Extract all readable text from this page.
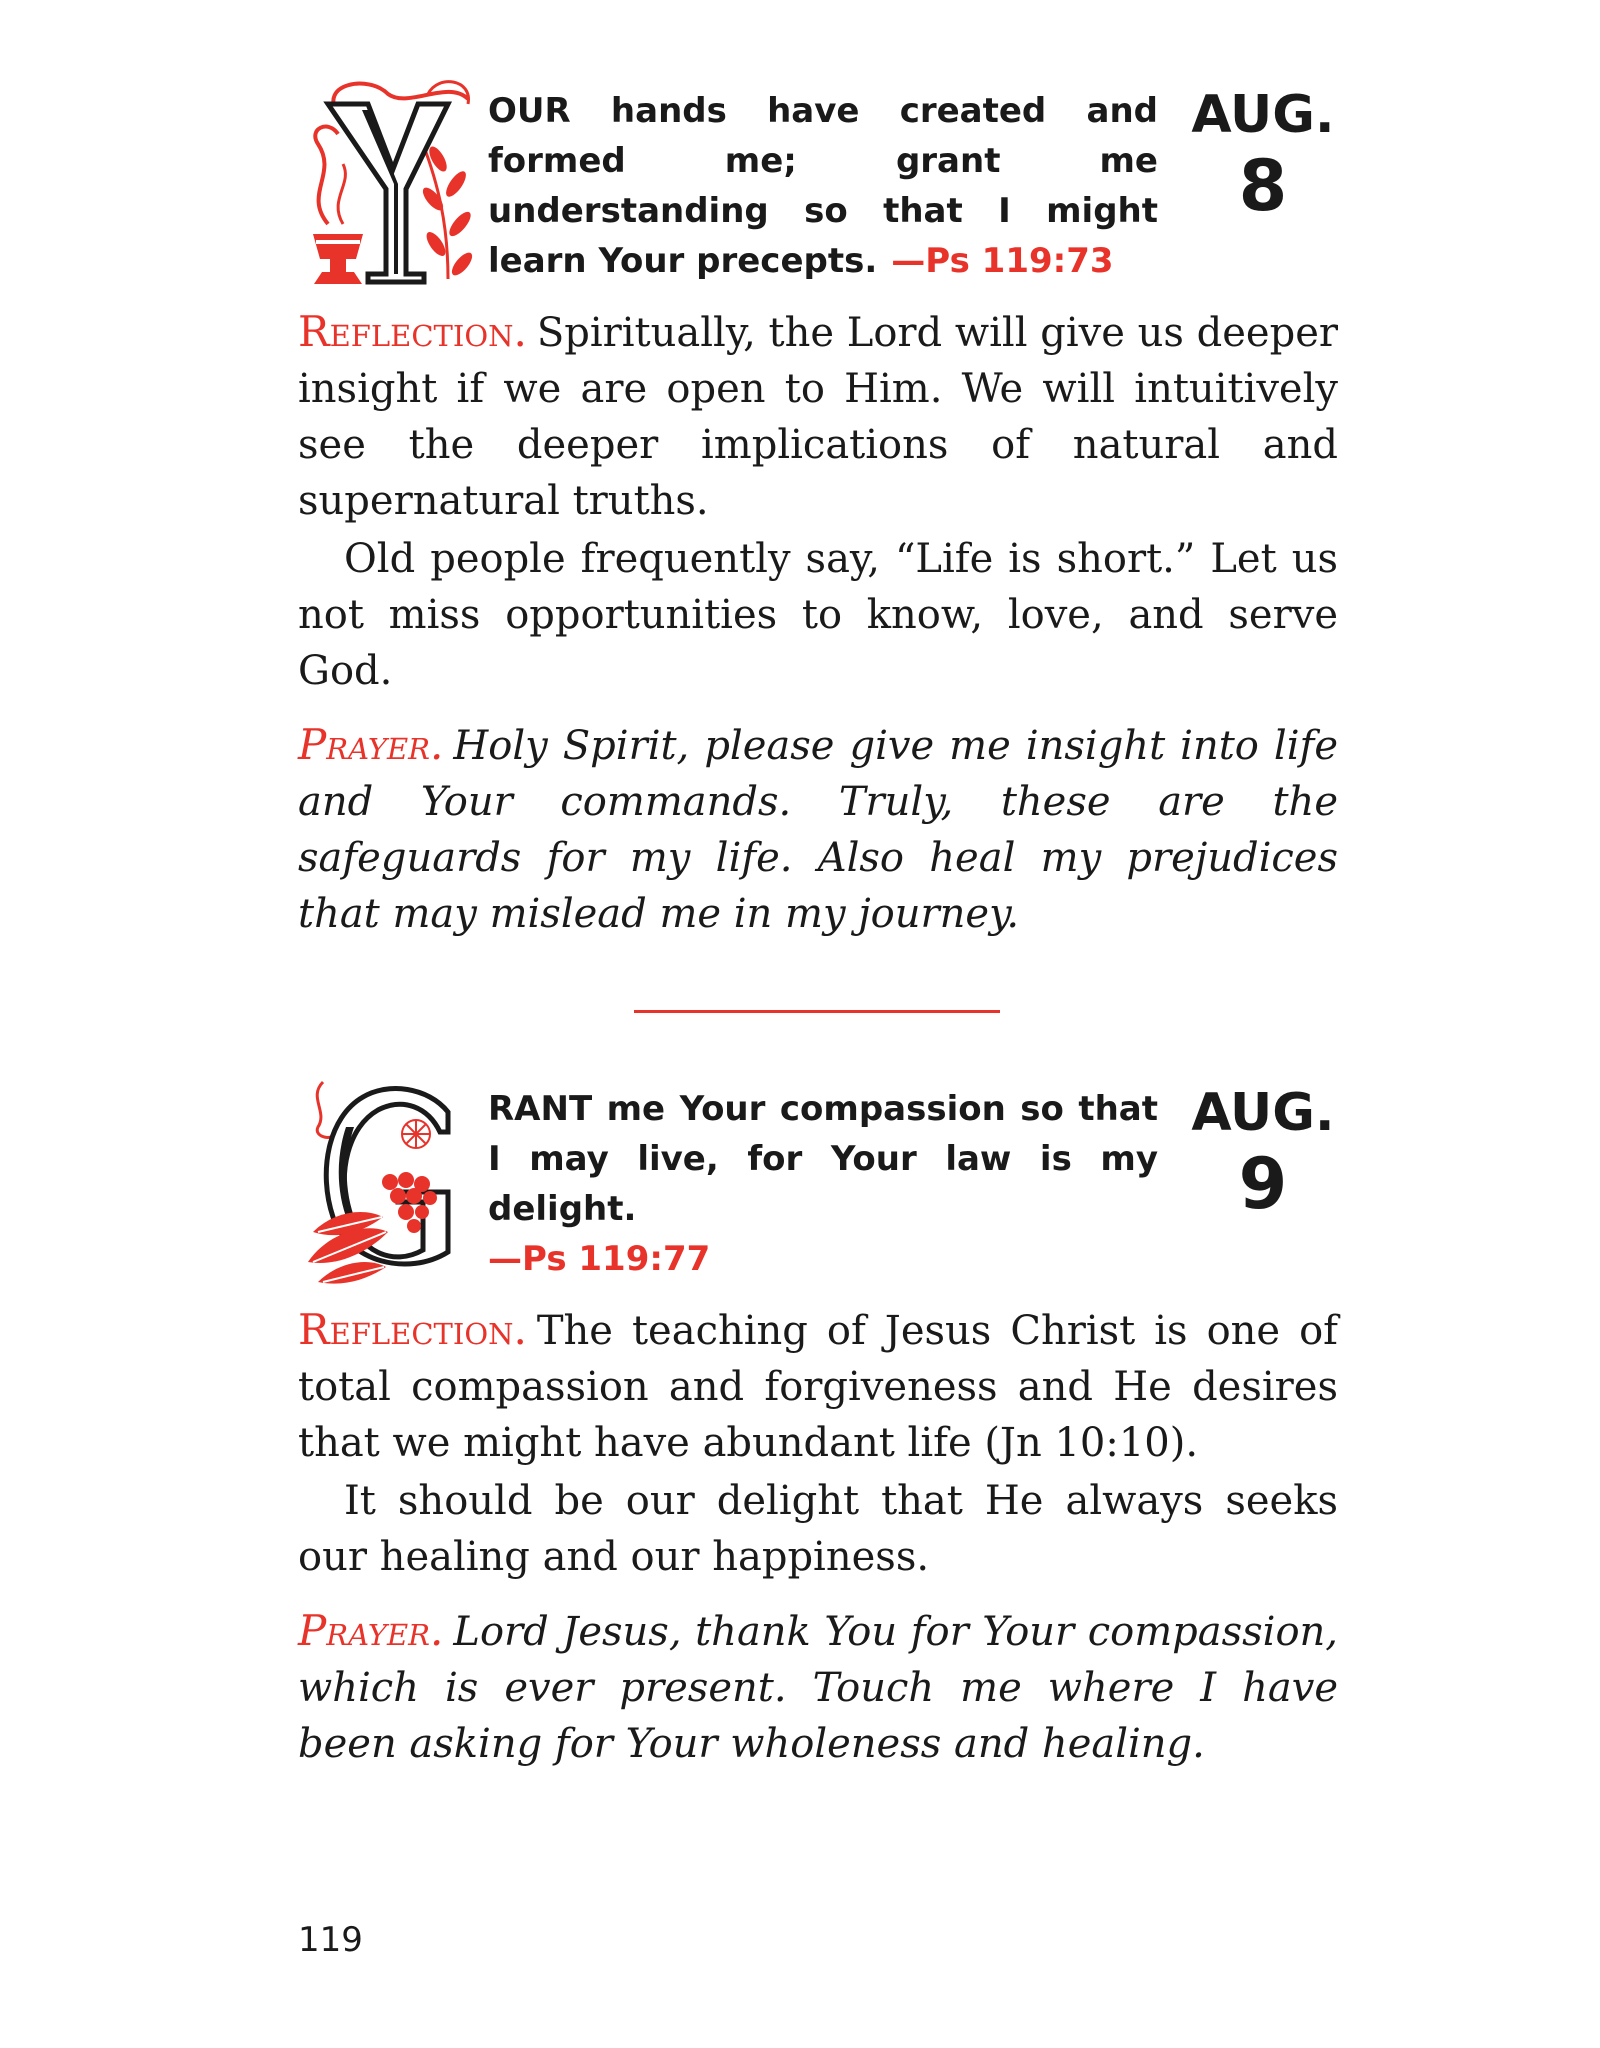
OUR hands have created and formed me; grant me understanding so that I might learn Your precepts. —Ps 119:73
AUG.
8

Reflection. Spiritually, the Lord will give us deeper insight if we are open to Him. We will intuitively see the deeper implications of natural and supernatural truths.

Old people frequently say, “Life is short.” Let us not miss opportunities to know, love, and serve God.

Prayer. Holy Spirit, please give me insight into life and Your commands. Truly, these are the safeguards for my life. Also heal my prejudices that may mislead me in my journey.

RANT me Your compassion so that I may live, for Your law is my delight.
—Ps 119:77
AUG.
9

Reflection. The teaching of Jesus Christ is one of total compassion and forgiveness and He desires that we might have abundant life (Jn 10:10).

It should be our delight that He always seeks our healing and our happiness.

Prayer. Lord Jesus, thank You for Your compassion, which is ever present. Touch me where I have been asking for Your wholeness and healing.

119
